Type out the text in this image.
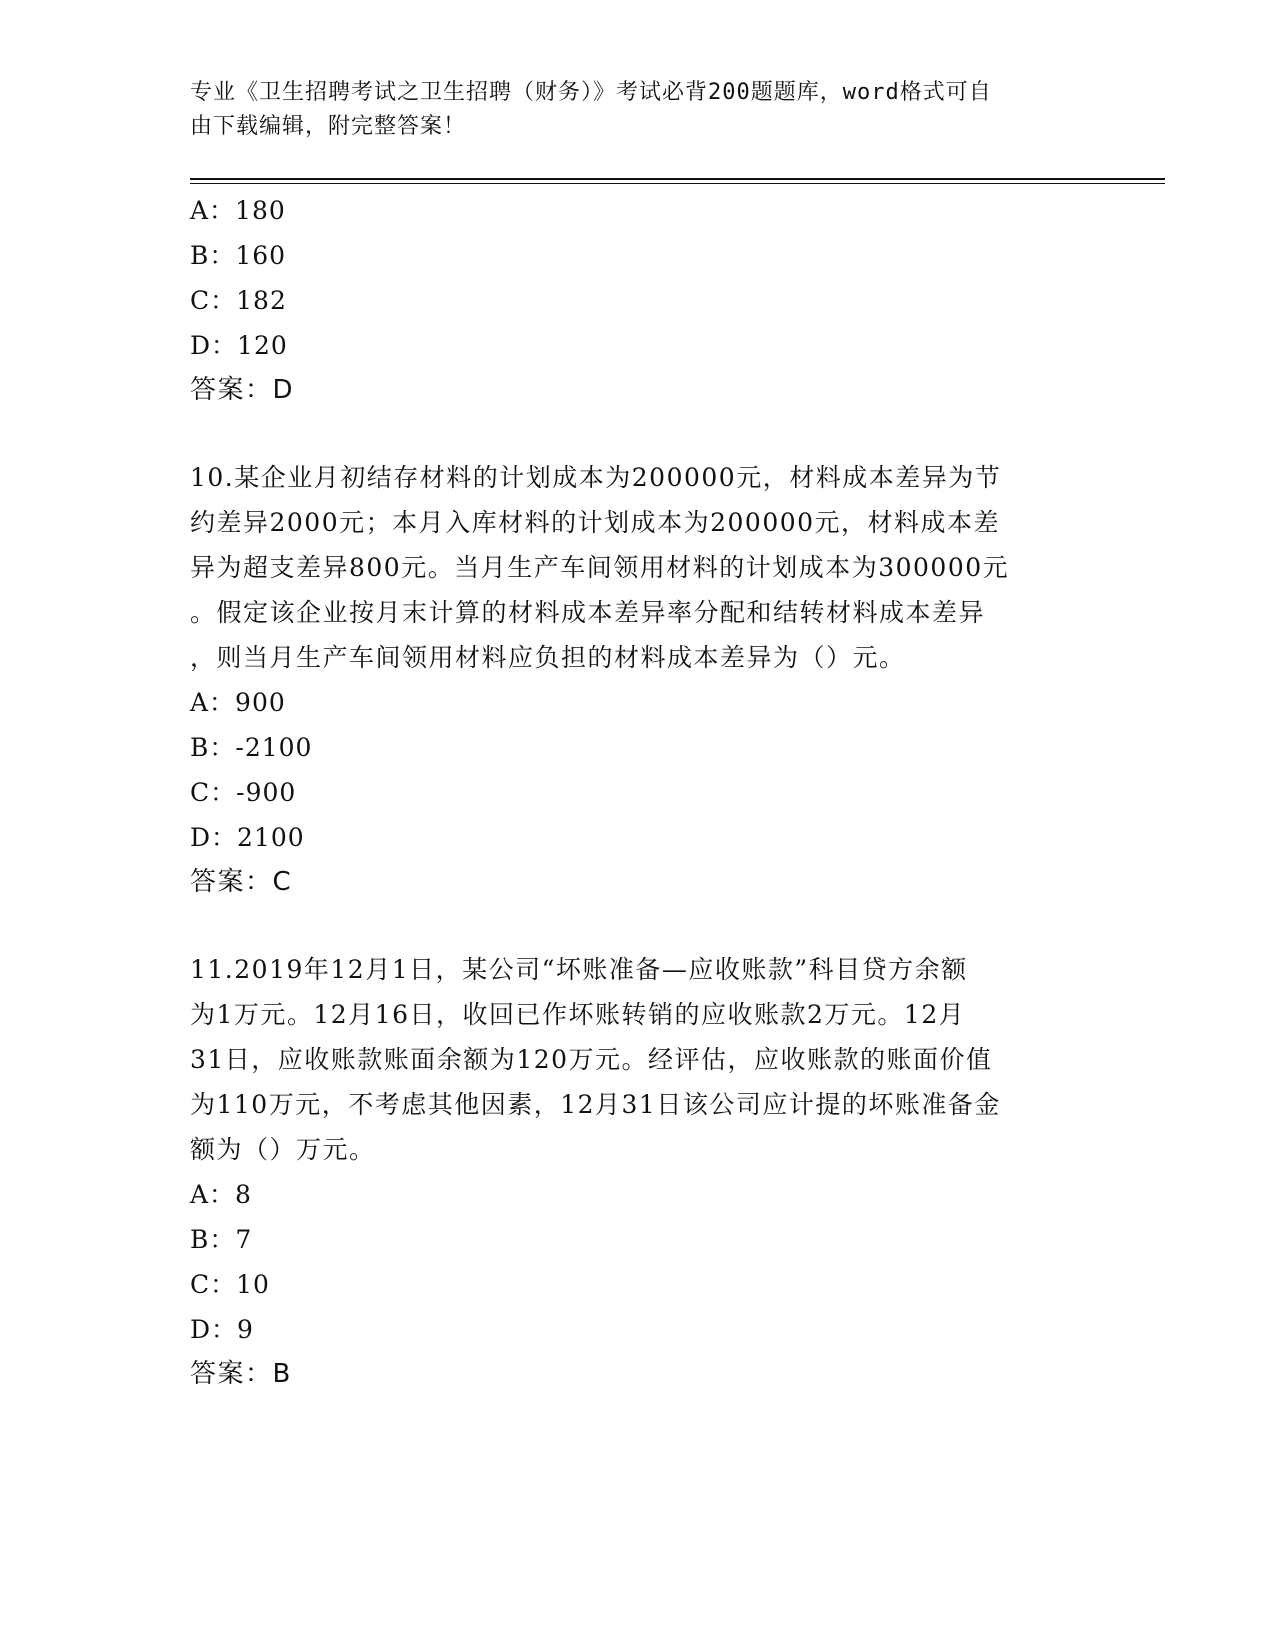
专业《卫生招聘考试之卫生招聘（财务）》考试必背200题题库，word格式可自
由下载编辑，附完整答案！
A：180
B：160
C：182
D：120
答案：D
10.某企业月初结存材料的计划成本为200000元，材料成本差异为节
约差异2000元；本月入库材料的计划成本为200000元，材料成本差
异为超支差异800元。当月生产车间领用材料的计划成本为300000元
。假定该企业按月末计算的材料成本差异率分配和结转材料成本差异
，则当月生产车间领用材料应负担的材料成本差异为（）元。
A：900
B：-2100
C：-900
D：2100
答案：C
11.2019年12月1日，某公司“坏账准备—应收账款”科目贷方余额
为1万元。12月16日，收回已作坏账转销的应收账款2万元。12月
31日，应收账款账面余额为120万元。经评估，应收账款的账面价值
为110万元，不考虑其他因素，12月31日该公司应计提的坏账准备金
额为（）万元。
A：8
B：7
C：10
D：9
答案：B
